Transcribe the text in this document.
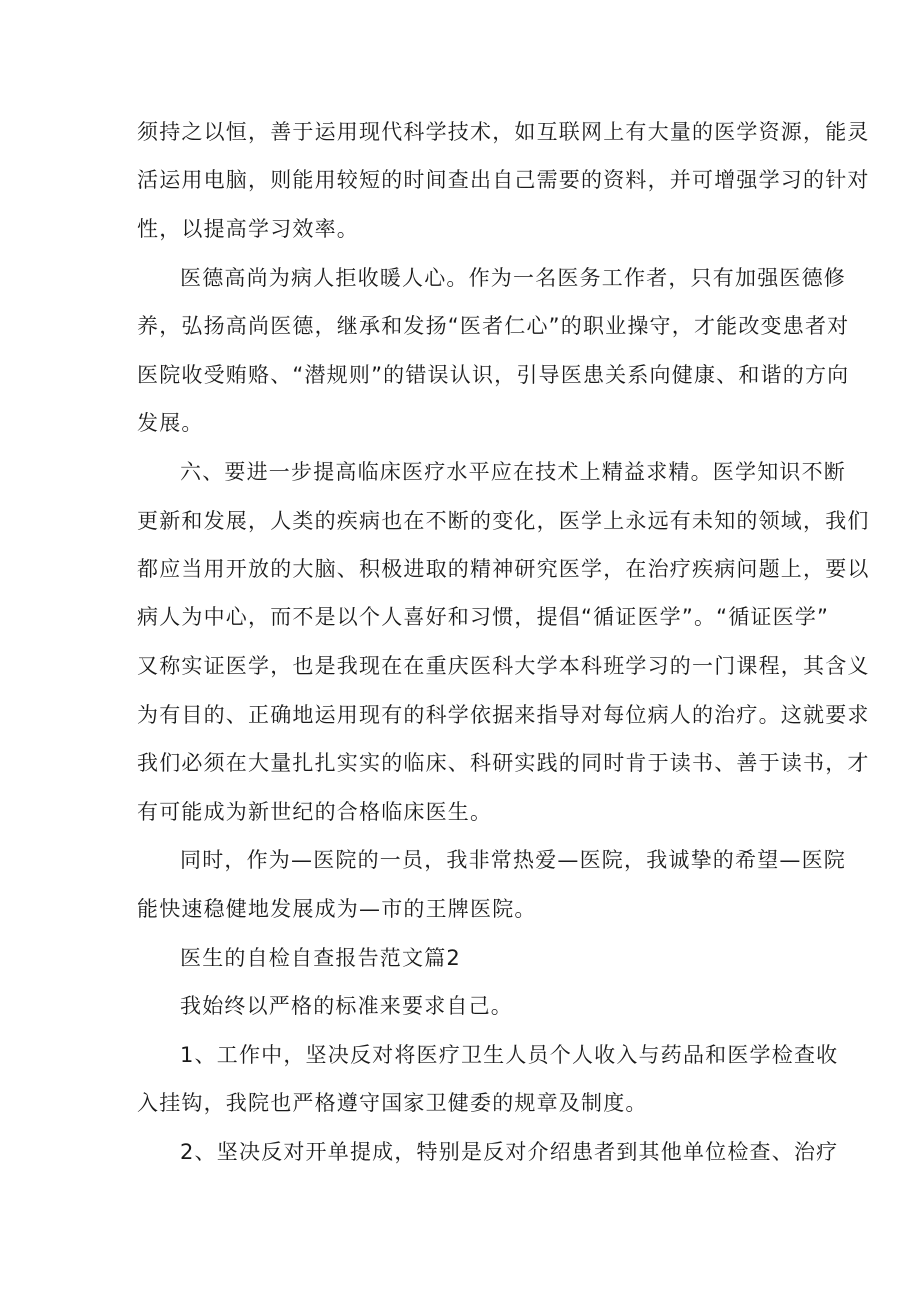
须持之以恒，善于运用现代科学技术，如互联网上有大量的医学资源，能灵
活运用电脑，则能用较短的时间查出自己需要的资料，并可增强学习的针对
性，以提高学习效率。
医德高尚为病人拒收暖人心。作为一名医务工作者，只有加强医德修
养，弘扬高尚医德，继承和发扬“医者仁心”的职业操守，才能改变患者对
医院收受贿赂、“潜规则”的错误认识，引导医患关系向健康、和谐的方向
发展。
六、要进一步提高临床医疗水平应在技术上精益求精。医学知识不断
更新和发展，人类的疾病也在不断的变化，医学上永远有未知的领域，我们
都应当用开放的大脑、积极进取的精神研究医学，在治疗疾病问题上，要以
病人为中心，而不是以个人喜好和习惯，提倡“循证医学”。“循证医学”
又称实证医学，也是我现在在重庆医科大学本科班学习的一门课程，其含义
为有目的、正确地运用现有的科学依据来指导对每位病人的治疗。这就要求
我们必须在大量扎扎实实的临床、科研实践的同时肯于读书、善于读书，才
有可能成为新世纪的合格临床医生。
同时，作为—医院的一员，我非常热爱—医院，我诚挚的希望—医院
能快速稳健地发展成为—市的王牌医院。
医生的自检自查报告范文篇2
我始终以严格的标准来要求自己。
1、工作中，坚决反对将医疗卫生人员个人收入与药品和医学检查收
入挂钩，我院也严格遵守国家卫健委的规章及制度。
2、坚决反对开单提成，特别是反对介绍患者到其他单位检查、治疗
